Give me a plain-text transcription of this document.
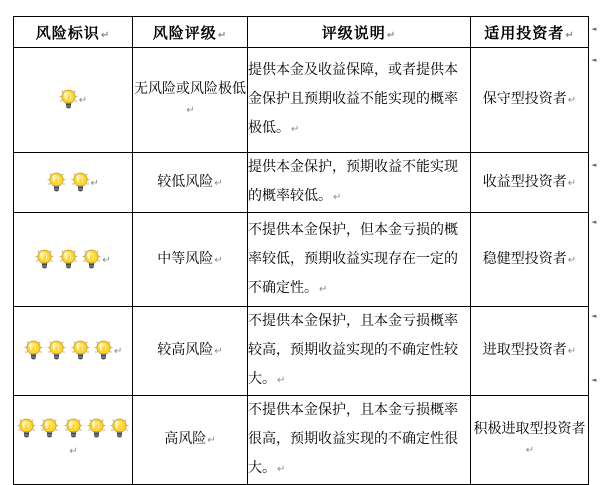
风险标识↵	风险评级↵	评级说明↵	适用投资者↵
↵	无风险或风险极低↵	提供本金及收益保障，或者提供本金保护且预期收益不能实现的概率极低。↵	保守型投资者↵
↵	较低风险↵	提供本金保护，预期收益不能实现的概率较低。↵	收益型投资者↵
↵	中等风险↵	不提供本金保护，但本金亏损的概率较低，预期收益实现存在一定的不确定性。↵	稳健型投资者↵
↵	较高风险↵	不提供本金保护，且本金亏损概率较高，预期收益实现的不确定性较大。↵	进取型投资者↵
↵	高风险↵	不提供本金保护，且本金亏损概率很高，预期收益实现的不确定性很大。↵	积极进取型投资者↵
◄
◄
◄
◄
◄
◄
